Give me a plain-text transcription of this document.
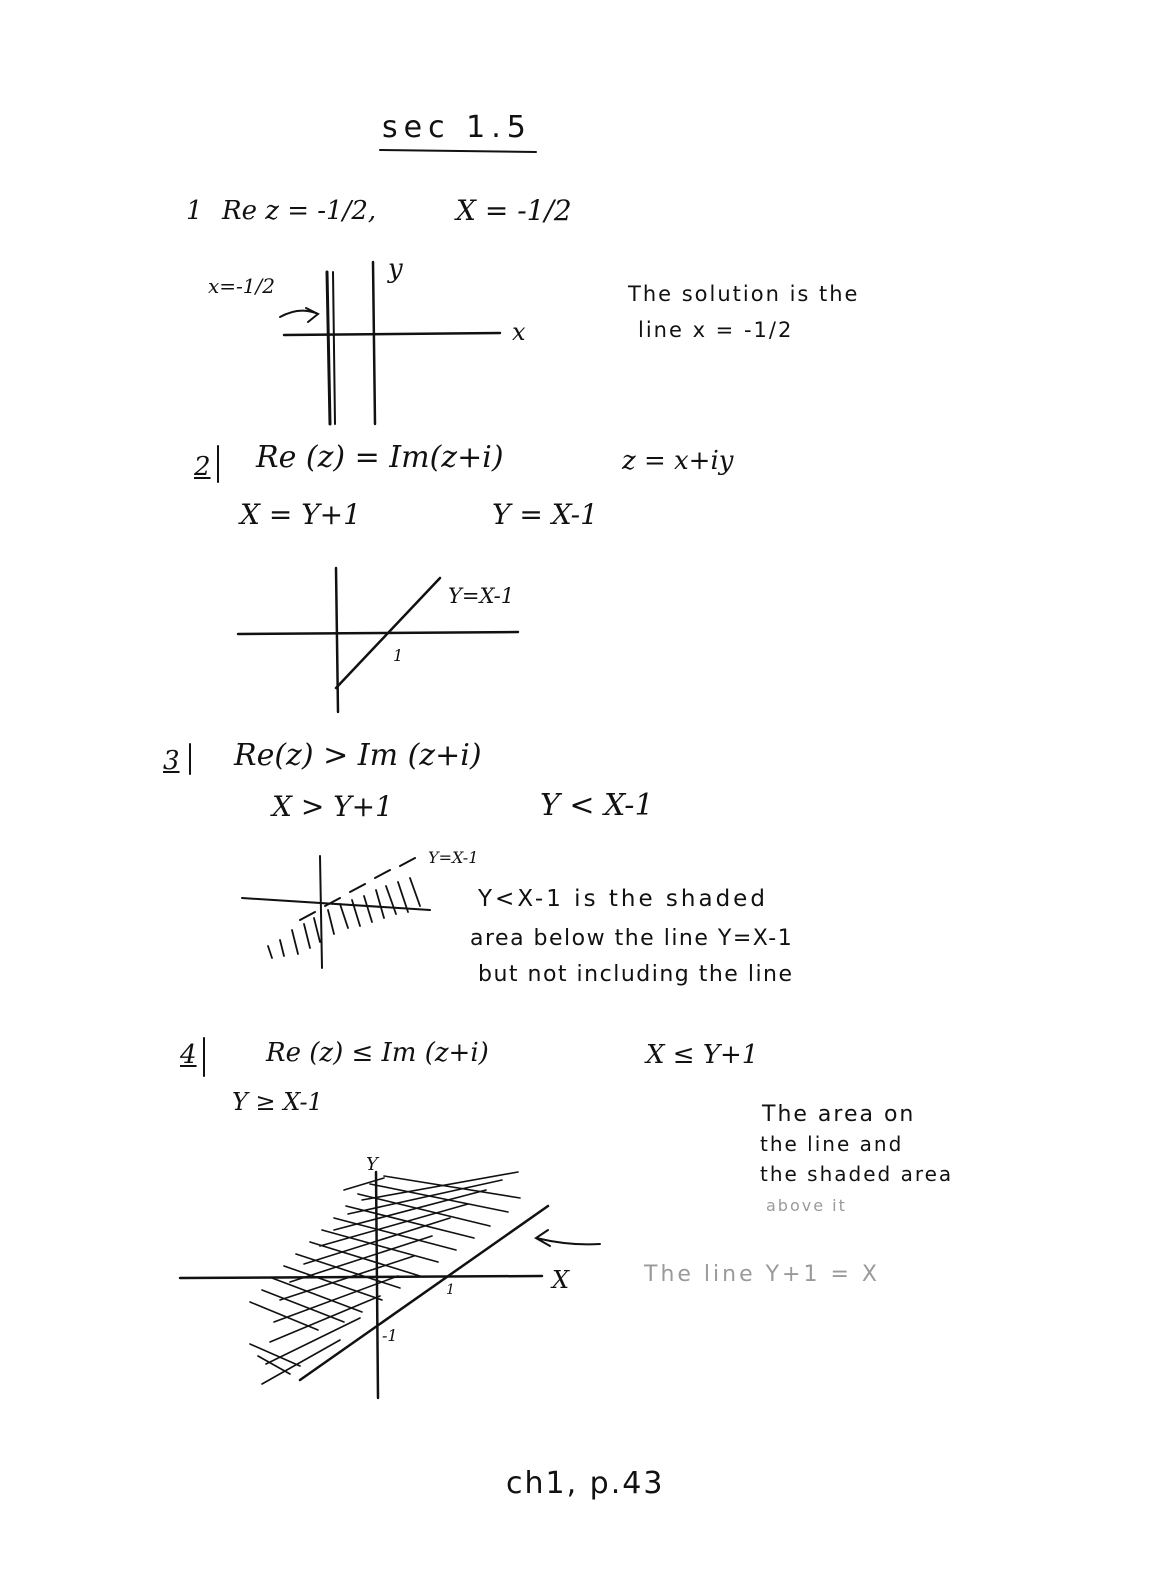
sec 1.5
1 Re z = -1/2,	X = -1/2
x=-1/2
y
x
The solution is the
line x = -1/2
2 Re (z) = Im(z+i)	z = x+iy
X = Y+1	Y = X-1
Y=X-1
1
3 Re(z) > Im (z+i)
X > Y+1	Y < X-1
Y=X-1
Y<X-1 is the shaded
area below the line Y=X-1
but not including the line
4	Re (z) ≤ Im (z+i)	X ≤ Y+1
Y ≥ X-1
Y
X
1
-1
The area on
the line and
the shaded area
above it
The line Y+1 = X
ch1, p.43
